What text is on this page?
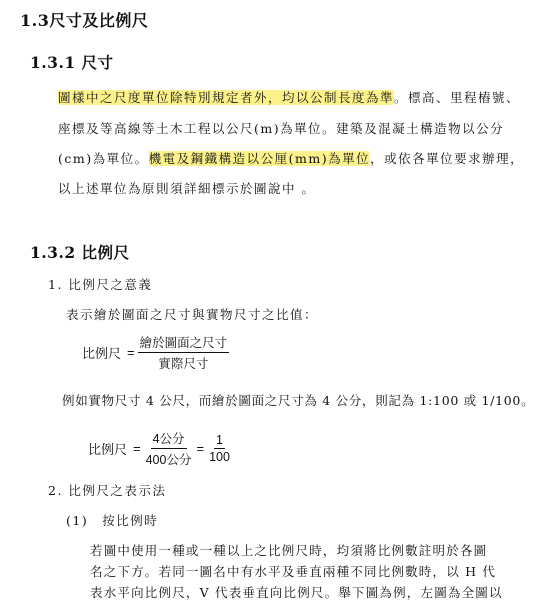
1.3尺寸及比例尺
1.3.1 尺寸
圖樣中之尺度單位除特別規定者外，均以公制長度為準。標高、里程樁號、
座標及等高線等土木工程以公尺(m)為單位。建築及混凝土構造物以公分
(cm)為單位。機電及鋼鐵構造以公厘(mm)為單位，或依各單位要求辦理，
以上述單位為原則須詳細標示於圖說中 。
1.3.2 比例尺
1. 比例尺之意義
表示繪於圖面之尺寸與實物尺寸之比值：
比例尺 = $\frac{\text{繪於圖面之尺寸}}{\text{實際尺寸}}$
例如實物尺寸 4 公尺，而繪於圖面之尺寸為 4 公分，則記為 1:100 或 1/100。
比例尺 = $\frac{\text{4公分}}{\text{400公分}} = \frac{1}{100}$
2. 比例尺之表示法
(1)　按比例時
若圖中使用一種或一種以上之比例尺時，均須將比例數註明於各圖
名之下方。若同一圖名中有水平及垂直兩種不同比例數時，以 H 代
表水平向比例尺，V 代表垂直向比例尺。舉下圖為例，左圖為全圖以
